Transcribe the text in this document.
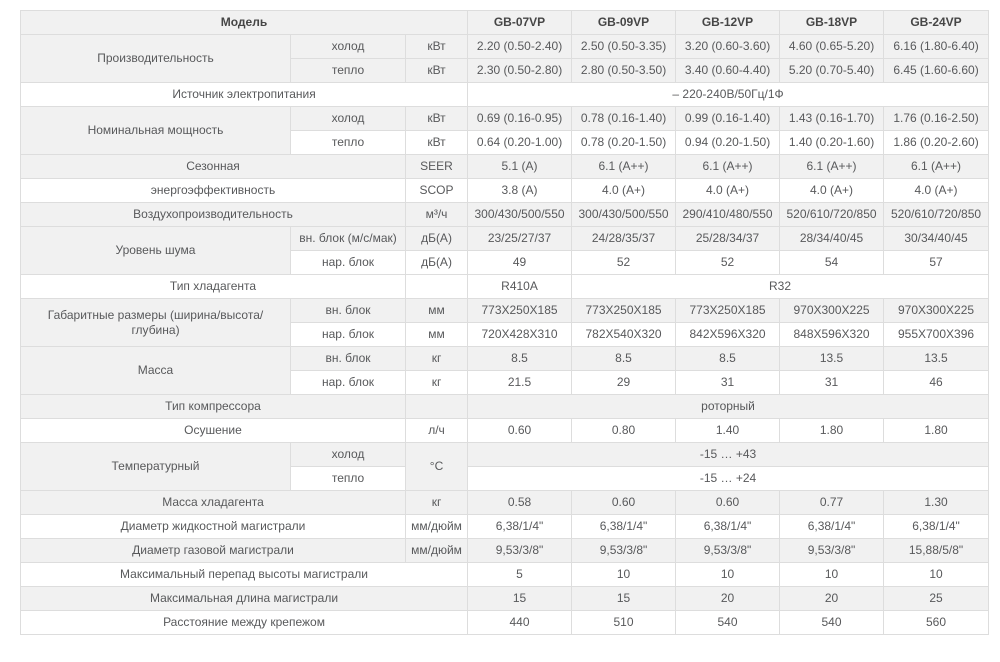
Модель			GB-07VP	GB-09VP	GB-12VP	GB-18VP	GB-24VP
Производительность	холод	кВт	2.20 (0.50-2.40)	2.50 (0.50-3.35)	3.20 (0.60-3.60)	4.60 (0.65-5.20)	6.16 (1.80-6.40)
	тепло	кВт	2.30 (0.50-2.80)	2.80 (0.50-3.50)	3.40 (0.60-4.40)	5.20 (0.70-5.40)	6.45 (1.60-6.60)
Источник электропитания			– 220-240В/50Гц/1Ф				
Номинальная мощность	холод	кВт	0.69 (0.16-0.95)	0.78 (0.16-1.40)	0.99 (0.16-1.40)	1.43 (0.16-1.70)	1.76 (0.16-2.50)
	тепло	кВт	0.64 (0.20-1.00)	0.78 (0.20-1.50)	0.94 (0.20-1.50)	1.40 (0.20-1.60)	1.86 (0.20-2.60)
Сезонная		SEER	5.1 (A)	6.1 (A++)	6.1 (A++)	6.1 (A++)	6.1 (A++)
энергоэффективность		SCOP	3.8 (A)	4.0 (A+)	4.0 (A+)	4.0 (A+)	4.0 (A+)
Воздухопроизводительность		м³/ч	300/430/500/550	300/430/500/550	290/410/480/550	520/610/720/850	520/610/720/850
Уровень шума	вн. блок (м/с/мак)	дБ(А)	23/25/27/37	24/28/35/37	25/28/34/37	28/34/40/45	30/34/40/45
	нар. блок	дБ(А)	49	52	52	54	57
Тип хладагента			R410A	R32			
Габаритные размеры (ширина/высота/глубина)	вн. блок	мм	773X250X185	773X250X185	773X250X185	970X300X225	970X300X225
	нар. блок	мм	720X428X310	782X540X320	842X596X320	848X596X320	955X700X396
Масса	вн. блок	кг	8.5	8.5	8.5	13.5	13.5
	нар. блок	кг	21.5	29	31	31	46
Тип компрессора			роторный				
Осушение		л/ч	0.60	0.80	1.40	1.80	1.80
Температурный	холод	°C	-15 … +43				
	тепло		-15 … +24				
Масса хладагента		кг	0.58	0.60	0.60	0.77	1.30
Диаметр жидкостной магистрали		мм/дюйм	6,38/1/4"	6,38/1/4"	6,38/1/4"	6,38/1/4"	6,38/1/4"
Диаметр газовой магистрали		мм/дюйм	9,53/3/8"	9,53/3/8"	9,53/3/8"	9,53/3/8"	15,88/5/8"
Максимальный перепад высоты магистрали			5	10	10	10	10
Максимальная длина магистрали			15	15	20	20	25
Расстояние между крепежом			440	510	540	540	560
